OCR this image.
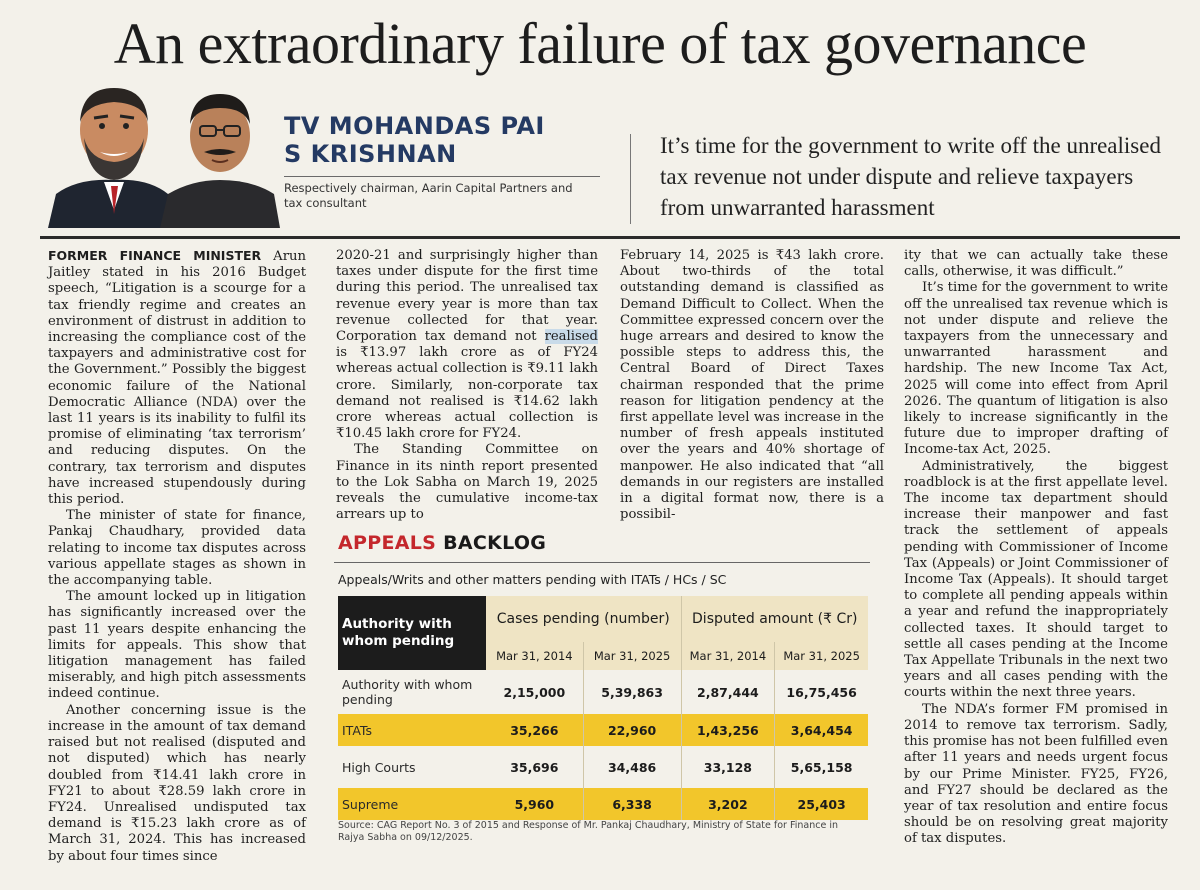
An extraordinary failure of tax governance
TV MOHANDAS PAI
S KRISHNAN
Respectively chairman, Aarin Capital Partners and tax consultant
It’s time for the government to write off the unrealised tax revenue not under dispute and relieve taxpayers from unwarranted harassment

FORMER FINANCE MINISTER Arun Jaitley stated in his 2016 Budget speech, “Litigation is a scourge for a tax friendly regime and creates an environment of distrust in addition to increasing the compliance cost of the taxpayers and administrative cost for the Government.” Possibly the biggest economic failure of the National Democratic Alliance (NDA) over the last 11 years is its inability to fulfil its promise of eliminating ‘tax terrorism’ and reducing disputes. On the contrary, tax terrorism and disputes have increased stupendously during this period.

The minister of state for finance, Pankaj Chaudhary, provided data relating to income tax disputes across various appellate stages as shown in the accompanying table.

The amount locked up in litigation has significantly increased over the past 11 years despite enhancing the limits for appeals. This show that litigation management has failed miserably, and high pitch assessments indeed continue.

Another concerning issue is the increase in the amount of tax demand raised but not realised (disputed and not disputed) which has nearly doubled from ₹14.41 lakh crore in FY21 to about ₹28.59 lakh crore in FY24. Unrealised undisputed tax demand is ₹15.23 lakh crore as of March 31, 2024. This has increased by about four times since

2020-21 and surprisingly higher than taxes under dispute for the first time during this period. The unrealised tax revenue every year is more than tax revenue collected for that year. Corporation tax demand not realised is ₹13.97 lakh crore as of FY24 whereas actual collection is ₹9.11 lakh crore. Similarly, non-corporate tax demand not realised is ₹14.62 lakh crore whereas actual collection is ₹10.45 lakh crore for FY24.

The Standing Committee on Finance in its ninth report presented to the Lok Sabha on March 19, 2025 reveals the cumulative income-tax arrears up to

February 14, 2025 is ₹43 lakh crore. About two-thirds of the total outstanding demand is classified as Demand Difficult to Collect. When the Committee expressed concern over the huge arrears and desired to know the possible steps to address this, the Central Board of Direct Taxes chairman responded that the prime reason for litigation pendency at the first appellate level was increase in the number of fresh appeals instituted over the years and 40% shortage of manpower. He also indicated that “all demands in our registers are installed in a digital format now, there is a possibil-

ity that we can actually take these calls, otherwise, it was difficult.”

It’s time for the government to write off the unrealised tax revenue which is not under dispute and relieve the taxpayers from the unnecessary and unwarranted harassment and hardship. The new Income Tax Act, 2025 will come into effect from April 2026. The quantum of litigation is also likely to increase significantly in the future due to improper drafting of Income-tax Act, 2025.

Administratively, the biggest roadblock is at the first appellate level. The income tax department should increase their manpower and fast track the settlement of appeals pending with Commissioner of Income Tax (Appeals) or Joint Commissioner of Income Tax (Appeals). It should target to complete all pending appeals within a year and refund the inappropriately collected taxes. It should target to settle all cases pending at the Income Tax Appellate Tribunals in the next two years and all cases pending with the courts within the next three years.

The NDA’s former FM promised in 2014 to remove tax terrorism. Sadly, this promise has not been fulfilled even after 11 years and needs urgent focus by our Prime Minister. FY25, FY26, and FY27 should be declared as the year of tax resolution and entire focus should be on resolving great majority of tax disputes.

APPEALS BACKLOG
Appeals/Writs and other matters pending with ITATs / HCs / SC
Authority with whom pending	Cases pending (number)		Disputed amount (₹ Cr)	
	Mar 31, 2014	Mar 31, 2025	Mar 31, 2014	Mar 31, 2025
Authority with whom pending	2,15,000	5,39,863	2,87,444	16,75,456
ITATs	35,266	22,960	1,43,256	3,64,454
High Courts	35,696	34,486	33,128	5,65,158
Supreme	5,960	6,338	3,202	25,403
Source: CAG Report No. 3 of 2015 and Response of Mr. Pankaj Chaudhary, Ministry of State for Finance in Rajya Sabha on 09/12/2025.
